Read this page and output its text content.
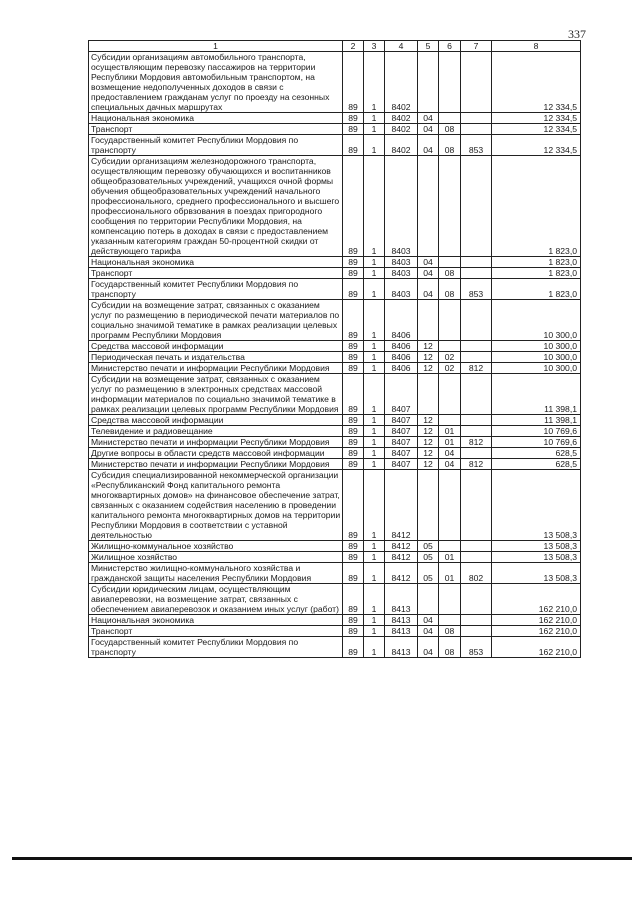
337
1	2	3	4	5	6	7	8
Субсидии организациям автомобильного транспорта, осуществляющим перевозку пассажиров на территории Республики Мордовия автомобильным транспортом, на возмещение недополученных доходов в связи с предоставлением гражданам услуг по проезду на сезонных специальных дачных маршрутах	89	1	8402				12 334,5
Национальная экономика	89	1	8402	04			12 334,5
Транспорт	89	1	8402	04	08		12 334,5
Государственный комитет Республики Мордовия по транспорту	89	1	8402	04	08	853	12 334,5
Субсидии организациям железнодорожного транспорта, осуществляющим перевозку обучающихся и воспитанников общеобразовательных учреждений, учащихся очной формы обучения общеобразовательных учреждений начального профессионального, среднего профессионального и высшего профессионального обрвзования в поездах пригородного сообщения по территории Республики Мордовия, на компенсацию потерь в доходах в связи с предоставлением указанным категориям граждан 50-процентной скидки от действующего тарифа	89	1	8403				1 823,0
Национальная экономика	89	1	8403	04			1 823,0
Транспорт	89	1	8403	04	08		1 823,0
Государственный комитет Республики Мордовия по транспорту	89	1	8403	04	08	853	1 823,0
Субсидии на возмещение затрат, связанных с оказанием услуг по размещению в периодической печати материалов по социально значимой тематике в рамках реализации целевых программ Республики Мордовия	89	1	8406				10 300,0
Средства массовой информации	89	1	8406	12			10 300,0
Периодическая печать и издательства	89	1	8406	12	02		10 300,0
Министерство печати и информации Республики Мордовия	89	1	8406	12	02	812	10 300,0
Субсидии на возмещение затрат, связанных с оказанием услуг по размещению в электронных средствах массовой информации материалов по социально значимой тематике в рамках реализации целевых программ Республики Мордовия	89	1	8407				11 398,1
Средства массовой информации	89	1	8407	12			11 398,1
Телевидение и радиовещание	89	1	8407	12	01		10 769,6
Министерство печати и информации Республики Мордовия	89	1	8407	12	01	812	10 769,6
Другие вопросы в области средств массовой информации	89	1	8407	12	04		628,5
Министерство печати и информации Республики Мордовия	89	1	8407	12	04	812	628,5
Субсидия специализированной некоммерческой организации «Республиканский Фонд капитального ремонта многоквартирных домов» на финансовое обеспечение затрат, связанных с оказанием содействия населению в проведении капитального ремонта многоквартирных домов на территории Республики Мордовия в соответствии с уставной деятельностью	89	1	8412				13 508,3
Жилищно-коммунальное хозяйство	89	1	8412	05			13 508,3
Жилищное хозяйство	89	1	8412	05	01		13 508,3
Министерство жилищно-коммунального хозяйства и гражданской защиты населения Республики Мордовия	89	1	8412	05	01	802	13 508,3
Субсидии юридическим лицам, осуществляющим авиаперевозки, на возмещение затрат, связанных с обеспечением авиаперевозок и оказанием иных услуг (работ)	89	1	8413				162 210,0
Национальная экономика	89	1	8413	04			162 210,0
Транспорт	89	1	8413	04	08		162 210,0
Государственный комитет Республики Мордовия по транспорту	89	1	8413	04	08	853	162 210,0
